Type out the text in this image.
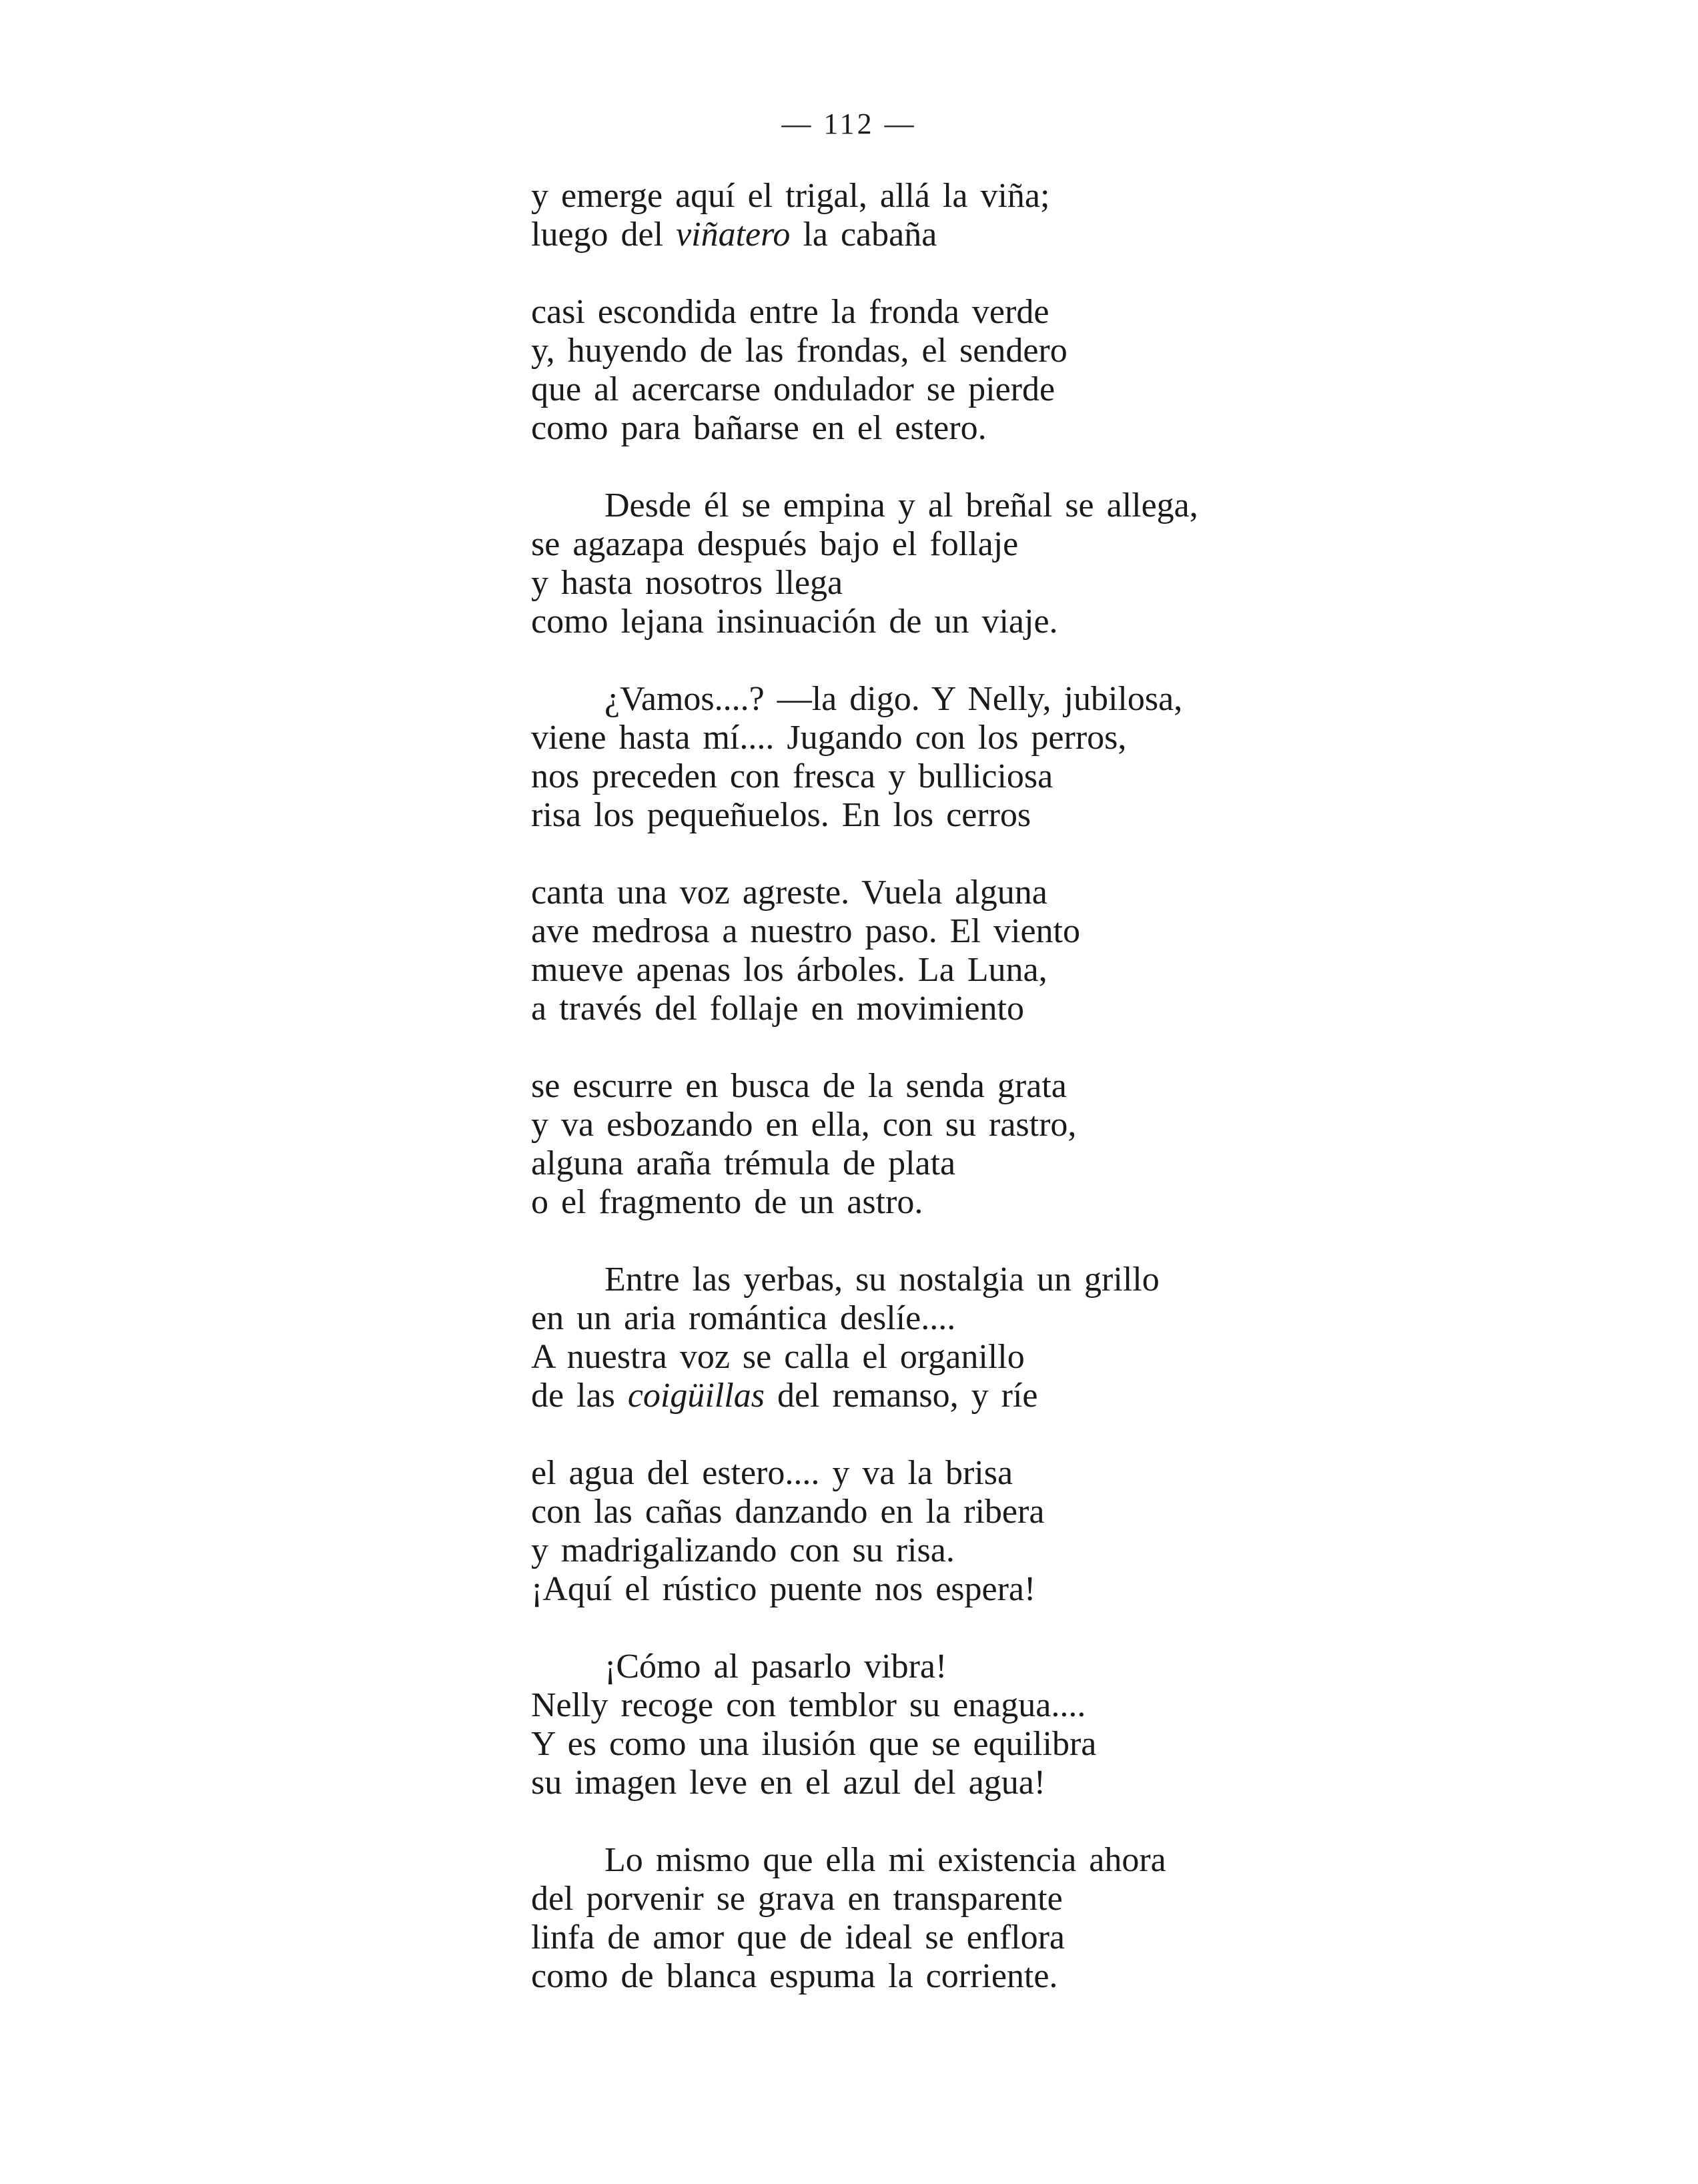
— 112 —
y emerge aquí el trigal, allá la viña;
luego del viñatero la cabaña
casi escondida entre la fronda verde
y, huyendo de las frondas, el sendero
que al acercarse ondulador se pierde
como para bañarse en el estero.
Desde él se empina y al breñal se allega,
se agazapa después bajo el follaje
y hasta nosotros llega
como lejana insinuación de un viaje.
¿Vamos....? —la digo. Y Nelly, jubilosa,
viene hasta mí.... Jugando con los perros,
nos preceden con fresca y bulliciosa
risa los pequeñuelos. En los cerros
canta una voz agreste. Vuela alguna
ave medrosa a nuestro paso. El viento
mueve apenas los árboles. La Luna,
a través del follaje en movimiento
se escurre en busca de la senda grata
y va esbozando en ella, con su rastro,
alguna araña trémula de plata
o el fragmento de un astro.
Entre las yerbas, su nostalgia un grillo
en un aria romántica deslíe....
A nuestra voz se calla el organillo
de las coigüillas del remanso, y ríe
el agua del estero.... y va la brisa
con las cañas danzando en la ribera
y madrigalizando con su risa.
¡Aquí el rústico puente nos espera!
¡Cómo al pasarlo vibra!
Nelly recoge con temblor su enagua....
Y es como una ilusión que se equilibra
su imagen leve en el azul del agua!
Lo mismo que ella mi existencia ahora
del porvenir se grava en transparente
linfa de amor que de ideal se enflora
como de blanca espuma la corriente.
